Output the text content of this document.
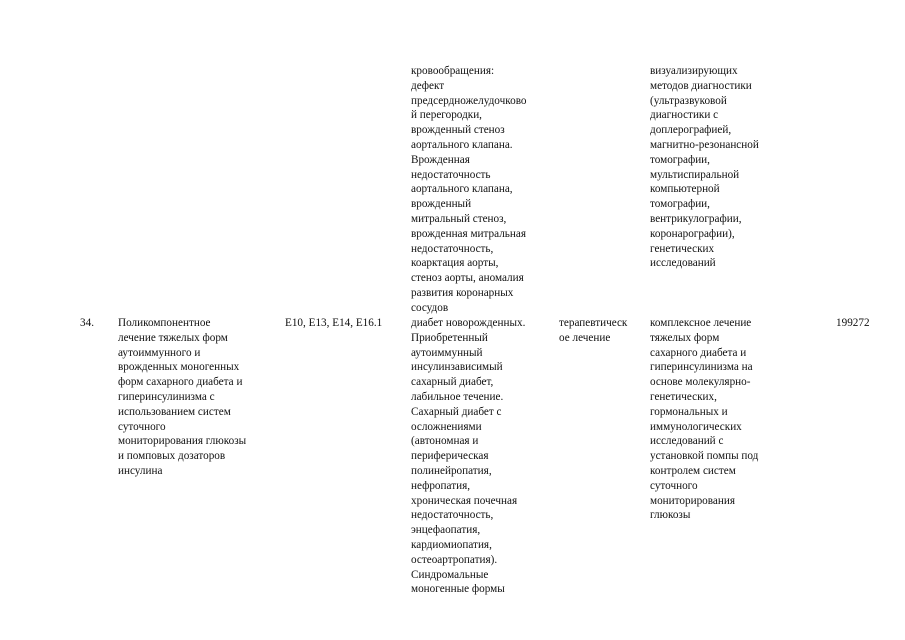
кровообращения:
дефект
предсердножелудочково
й перегородки,
врожденный стеноз
аортального клапана.
Врожденная
недостаточность
аортального клапана,
врожденный
митральный стеноз,
врожденная митральная
недостаточность,
коарктация аорты,
стеноз аорты, аномалия
развития коронарных
сосудов
визуализирующих
методов диагностики
(ультразвуковой
диагностики с
доплерографией,
магнитно-резонансной
томографии,
мультиспиральной
компьютерной
томографии,
вентрикулографии,
коронарографии),
генетических
исследований
34.	Поликомпонентное
лечение тяжелых форм
аутоиммунного и
врожденных моногенных
форм сахарного диабета и
гиперинсулинизма с
использованием систем
суточного
мониторирования глюкозы
и помповых дозаторов
инсулина
E10, E13, E14, E16.1	диабет новорожденных.
Приобретенный
аутоиммунный
инсулинзависимый
сахарный диабет,
лабильное течение.
Сахарный диабет с
осложнениями
(автономная и
периферическая
полинейропатия,
нефропатия,
хроническая почечная
недостаточность,
энцефаопатия,
кардиомиопатия,
остеоартропатия).
Синдромальные
моногенные формы
терапевтическ
ое лечение
комплексное лечение
тяжелых форм
сахарного диабета и
гиперинсулинизма на
основе молекулярно-
генетических,
гормональных и
иммунологических
исследований с
установкой помпы под
контролем систем
суточного
мониторирования
глюкозы
199272
